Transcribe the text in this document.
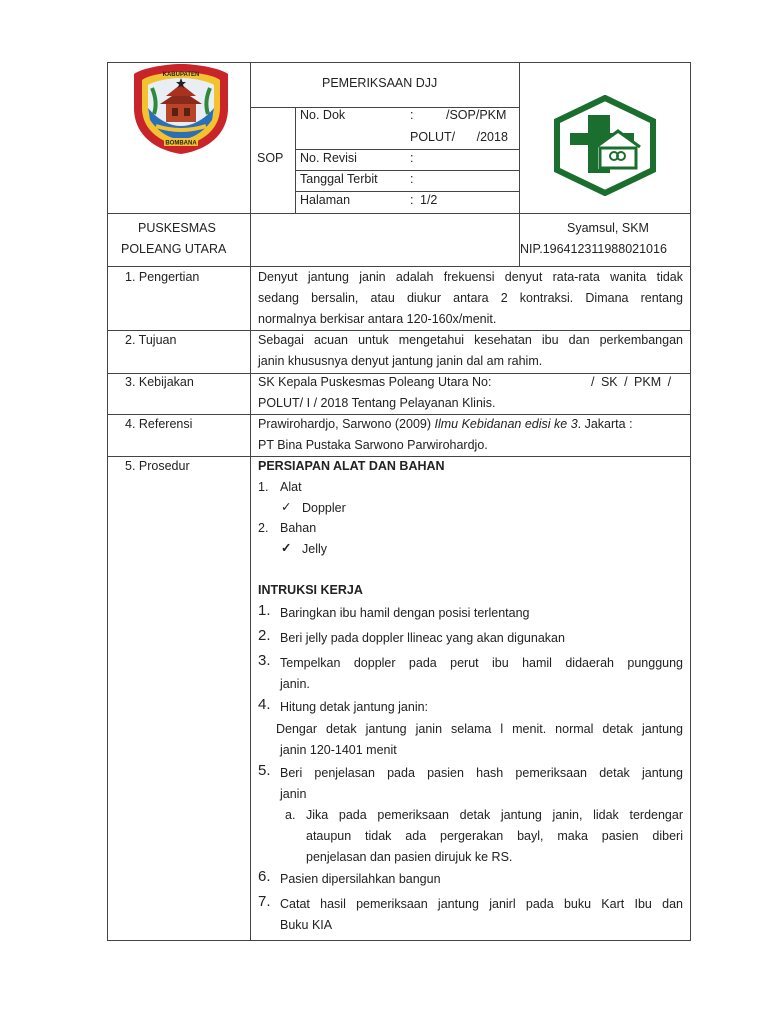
KABUPATEN
BOMBANA
PEMERIKSAAN DJJ
SOP
No. Dok	:	/SOP/PKM
POLUT/ /2018
No. Revisi	:
Tanggal Terbit	:
Halaman	: 1/2
PUSKESMAS
POLEANG UTARA
Syamsul, SKM
NIP.196412311988021016
1. Pengertian	Denyut jantung janin adalah frekuensi denyut rata-rata wanita tidak
sedang bersalin, atau diukur antara 2 kontraksi. Dimana rentang
normalnya berkisar antara 120-160x/menit.
2. Tujuan	Sebagai acuan untuk mengetahui kesehatan ibu dan perkembangan
janin khususnya denyut jantung janin dal am rahim.
3. Kebijakan	SK Kepala Puskesmas Poleang Utara No:	/ SK / PKM /
POLUT/ I / 2018 Tentang Pelayanan Klinis.
4. Referensi	Prawirohardjo, Sarwono (2009) Ilmu Kebidanan edisi ke 3. Jakarta :
PT Bina Pustaka Sarwono Parwirohardjo.
5. Prosedur	PERSIAPAN ALAT DAN BAHAN
1. Alat
✓ Doppler
2. Bahan
✓ Jelly
INTRUKSI KERJA
1. Baringkan ibu hamil dengan posisi terlentang
2. Beri jelly pada doppler llineac yang akan digunakan
3. Tempelkan doppler pada perut ibu hamil didaerah punggung
janin.
4. Hitung detak jantung janin:
Dengar detak jantung janin selama l menit. normal detak jantung
janin 120-1401 menit
5. Beri penjelasan pada pasien hash pemeriksaan detak jantung
janin
a. Jika pada pemeriksaan detak jantung janin, lidak terdengar
ataupun tidak ada pergerakan bayl, maka pasien diberi
penjelasan dan pasien dirujuk ke RS.
6. Pasien dipersilahkan bangun
7. Catat hasil pemeriksaan jantung janirl pada buku Kart Ibu dan
Buku KIA
